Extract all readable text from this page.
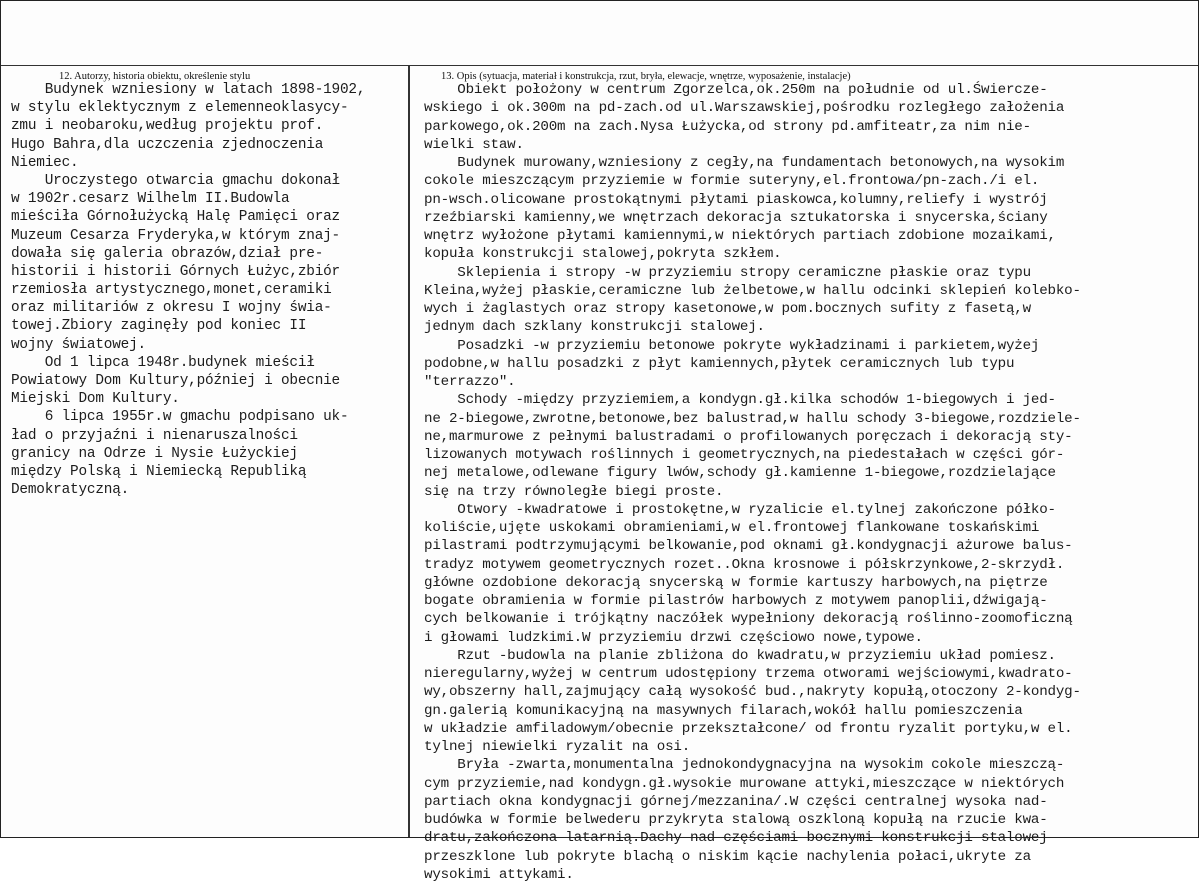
12. Autorzy, historia obiektu, określenie stylu	13. Opis (sytuacja, materiał i konstrukcja, rzut, bryła, elewacje, wnętrze, wyposażenie, instalacje)
Budynek wzniesiony w latach 1898-1902,
w stylu eklektycznym z elemenneoklasycy-
zmu i neobaroku,według projektu prof.
Hugo Bahra,dla uczczenia zjednoczenia
Niemiec.
Uroczystego otwarcia gmachu dokonał
w 1902r.cesarz Wilhelm II.Budowla
mieściła Górnołużycką Halę Pamięci oraz
Muzeum Cesarza Fryderyka,w którym znaj-
dowała się galeria obrazów,dział pre-
historii i historii Górnych Łużyc,zbiór
rzemiosła artystycznego,monet,ceramiki
oraz militariów z okresu I wojny świa-
towej.Zbiory zaginęły pod koniec II
wojny światowej.
Od 1 lipca 1948r.budynek mieścił
Powiatowy Dom Kultury,później i obecnie
Miejski Dom Kultury.
6 lipca 1955r.w gmachu podpisano uk-
ład o przyjaźni i nienaruszalności
granicy na Odrze i Nysie Łużyckiej
między Polską i Niemiecką Republiką
Demokratyczną.
Obiekt położony w centrum Zgorzelca,ok.250m na południe od ul.Świercze-
wskiego i ok.300m na pd-zach.od ul.Warszawskiej,pośrodku rozległego założenia
parkowego,ok.200m na zach.Nysa Łużycka,od strony pd.amfiteatr,za nim nie-
wielki staw.
Budynek murowany,wzniesiony z cegły,na fundamentach betonowych,na wysokim
cokole mieszczącym przyziemie w formie suteryny,el.frontowa/pn-zach./i el.
pn-wsch.olicowane prostokątnymi płytami piaskowca,kolumny,reliefy i wystrój
rzeźbiarski kamienny,we wnętrzach dekoracja sztukatorska i snycerska,ściany
wnętrz wyłożone płytami kamiennymi,w niektórych partiach zdobione mozaikami,
kopuła konstrukcji stalowej,pokryta szkłem.
Sklepienia i stropy -w przyziemiu stropy ceramiczne płaskie oraz typu
Kleina,wyżej płaskie,ceramiczne lub żelbetowe,w hallu odcinki sklepień kolebko-
wych i żaglastych oraz stropy kasetonowe,w pom.bocznych sufity z fasetą,w
jednym dach szklany konstrukcji stalowej.
Posadzki -w przyziemiu betonowe pokryte wykładzinami i parkietem,wyżej
podobne,w hallu posadzki z płyt kamiennych,płytek ceramicznych lub typu
"terrazzo".
Schody -między przyziemiem,a kondygn.gł.kilka schodów 1-biegowych i jed-
ne 2-biegowe,zwrotne,betonowe,bez balustrad,w hallu schody 3-biegowe,rozdziele-
ne,marmurowe z pełnymi balustradami o profilowanych poręczach i dekoracją sty-
lizowanych motywach roślinnych i geometrycznych,na piedestałach w części gór-
nej metalowe,odlewane figury lwów,schody gł.kamienne 1-biegowe,rozdzielające
się na trzy równoległe biegi proste.
Otwory -kwadratowe i prostokętne,w ryzalicie el.tylnej zakończone półko-
koliście,ujęte uskokami obramieniami,w el.frontowej flankowane toskańskimi
pilastrami podtrzymującymi belkowanie,pod oknami gł.kondygnacji ażurowe balus-
tradyz motywem geometrycznych rozet..Okna krosnowe i półskrzynkowe,2-skrzydł.
główne ozdobione dekoracją snycerską w formie kartuszy harbowych,na piętrze
bogate obramienia w formie pilastrów harbowych z motywem panoplii,dźwigają-
cych belkowanie i trójkątny naczółek wypełniony dekoracją roślinno-zoomoficzną
i głowami ludzkimi.W przyziemiu drzwi częściowo nowe,typowe.
Rzut -budowla na planie zbliżona do kwadratu,w przyziemiu układ pomiesz.
nieregularny,wyżej w centrum udostępiony trzema otworami wejściowymi,kwadrato-
wy,obszerny hall,zajmujący całą wysokość bud.,nakryty kopułą,otoczony 2-kondyg-
gn.galerią komunikacyjną na masywnych filarach,wokół hallu pomieszczenia
w układzie amfiladowym/obecnie przekształcone/ od frontu ryzalit portyku,w el.
tylnej niewielki ryzalit na osi.
Bryła -zwarta,monumentalna jednokondygnacyjna na wysokim cokole mieszczą-
cym przyziemie,nad kondygn.gł.wysokie murowane attyki,mieszczące w niektórych
partiach okna kondygnacji górnej/mezzanina/.W części centralnej wysoka nad-
budówka w formie belwederu przykryta stalową oszkloną kopułą na rzucie kwa-
dratu,zakończona latarnią.Dachy nad częściami bocznymi konstrukcji stalowej
przeszklone lub pokryte blachą o niskim kącie nachylenia połaci,ukryte za
wysokimi attykami.
